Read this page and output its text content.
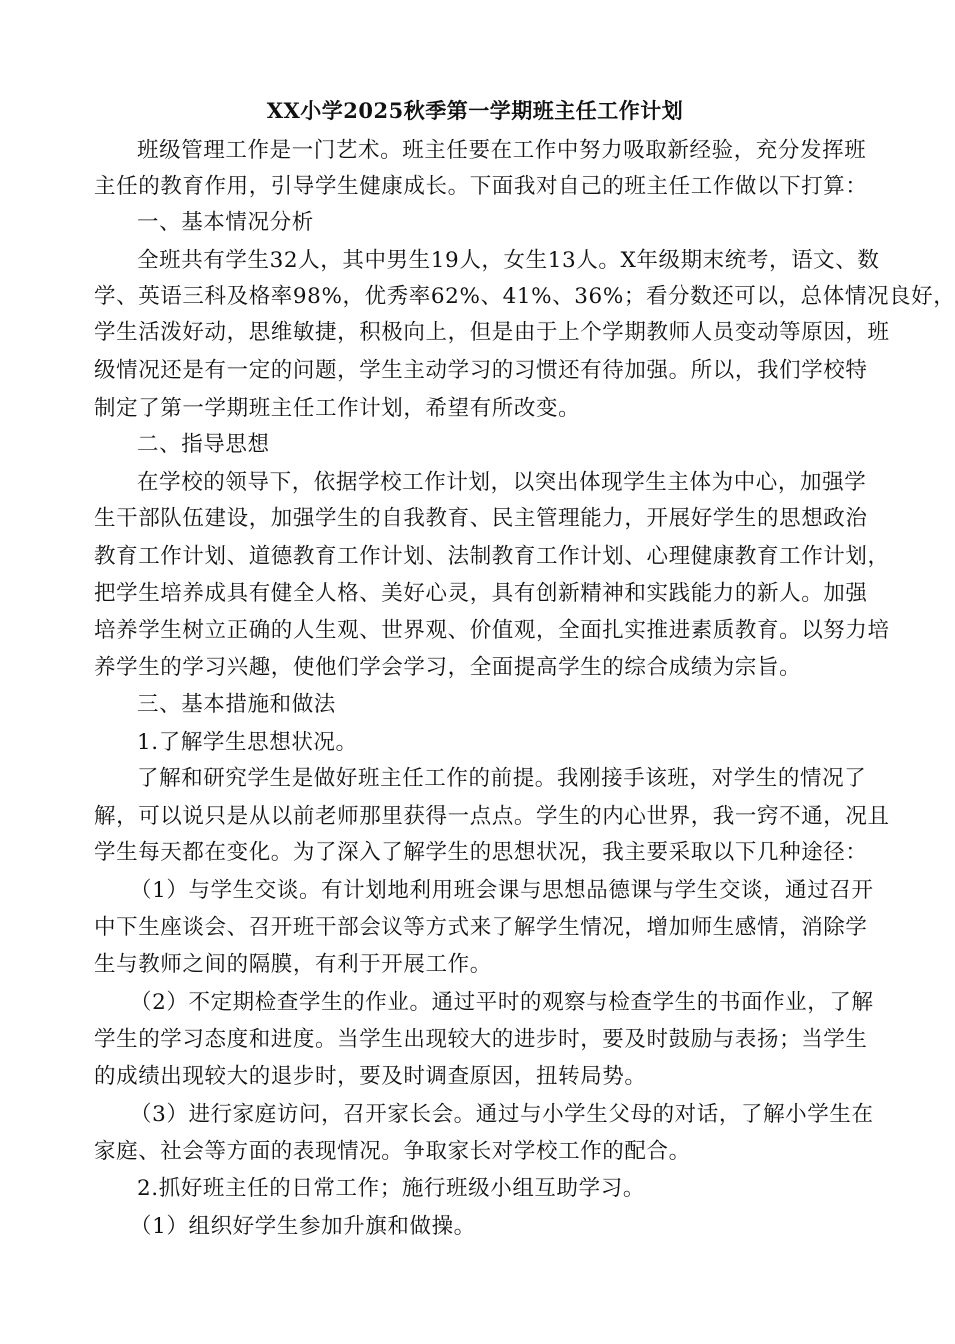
XX小学2025秋季第一学期班主任工作计划
班级管理工作是一门艺术。班主任要在工作中努力吸取新经验，充分发挥班
主任的教育作用，引导学生健康成长。下面我对自己的班主任工作做以下打算：
一、基本情况分析
全班共有学生32人，其中男生19人，女生13人。X年级期末统考，语文、数
学、英语三科及格率98%，优秀率62%、41%、36%；看分数还可以，总体情况良好，
学生活泼好动，思维敏捷，积极向上，但是由于上个学期教师人员变动等原因，班
级情况还是有一定的问题，学生主动学习的习惯还有待加强。所以，我们学校特
制定了第一学期班主任工作计划，希望有所改变。
二、指导思想
在学校的领导下，依据学校工作计划，以突出体现学生主体为中心，加强学
生干部队伍建设，加强学生的自我教育、民主管理能力，开展好学生的思想政治
教育工作计划、道德教育工作计划、法制教育工作计划、心理健康教育工作计划，
把学生培养成具有健全人格、美好心灵，具有创新精神和实践能力的新人。加强
培养学生树立正确的人生观、世界观、价值观，全面扎实推进素质教育。以努力培
养学生的学习兴趣，使他们学会学习，全面提高学生的综合成绩为宗旨。
三、基本措施和做法
1.了解学生思想状况。
了解和研究学生是做好班主任工作的前提。我刚接手该班，对学生的情况了
解，可以说只是从以前老师那里获得一点点。学生的内心世界，我一窍不通，况且
学生每天都在变化。为了深入了解学生的思想状况，我主要采取以下几种途径：
（1）与学生交谈。有计划地利用班会课与思想品德课与学生交谈，通过召开
中下生座谈会、召开班干部会议等方式来了解学生情况，增加师生感情，消除学
生与教师之间的隔膜，有利于开展工作。
（2）不定期检查学生的作业。通过平时的观察与检查学生的书面作业，了解
学生的学习态度和进度。当学生出现较大的进步时，要及时鼓励与表扬；当学生
的成绩出现较大的退步时，要及时调查原因，扭转局势。
（3）进行家庭访问，召开家长会。通过与小学生父母的对话，了解小学生在
家庭、社会等方面的表现情况。争取家长对学校工作的配合。
2.抓好班主任的日常工作；施行班级小组互助学习。
（1）组织好学生参加升旗和做操。
